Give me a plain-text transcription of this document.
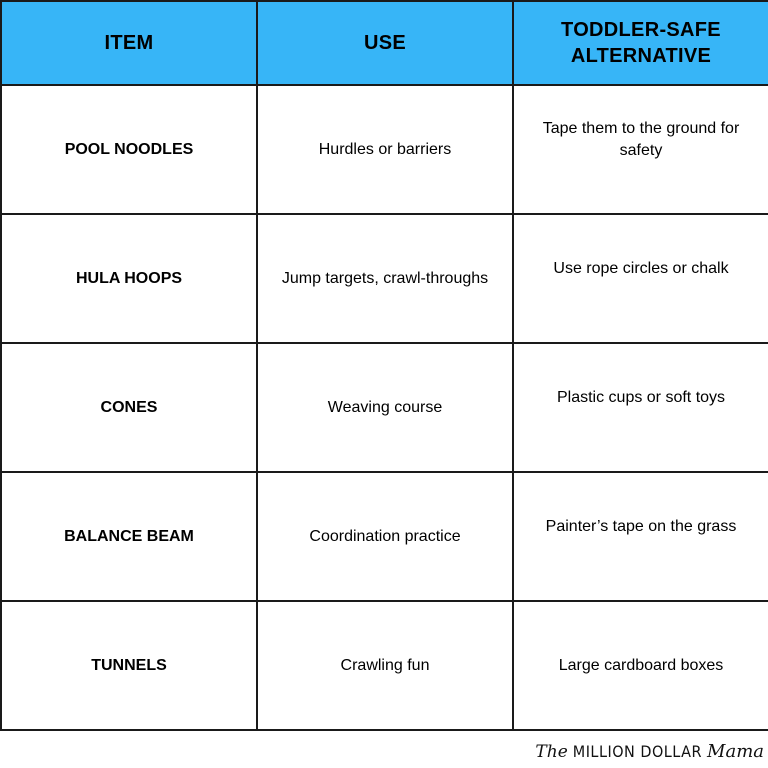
ITEM	USE	TODDLER-SAFE ALTERNATIVE
POOL NOODLES	Hurdles or barriers	Tape them to the ground for safety
HULA HOOPS	Jump targets, crawl-throughs	Use rope circles or chalk
CONES	Weaving course	Plastic cups or soft toys
BALANCE BEAM	Coordination practice	Painter’s tape on the grass
TUNNELS	Crawling fun	Large cardboard boxes
The MILLION DOLLAR Mama
